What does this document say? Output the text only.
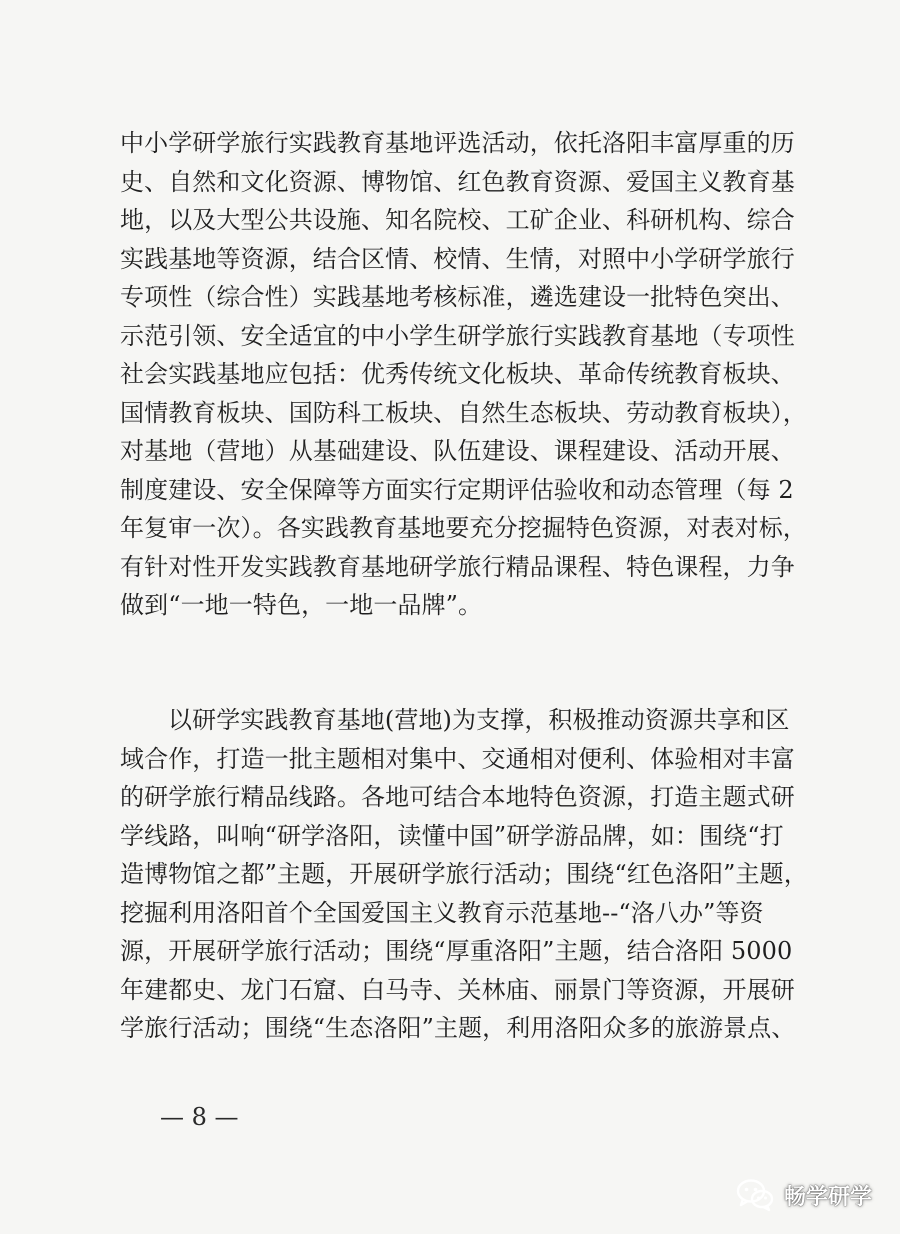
中小学研学旅行实践教育基地评选活动，依托洛阳丰富厚重的历
史、自然和文化资源、博物馆、红色教育资源、爱国主义教育基
地，以及大型公共设施、知名院校、工矿企业、科研机构、综合
实践基地等资源，结合区情、校情、生情，对照中小学研学旅行
专项性（综合性）实践基地考核标准，遴选建设一批特色突出、
示范引领、安全适宜的中小学生研学旅行实践教育基地（专项性
社会实践基地应包括：优秀传统文化板块、革命传统教育板块、
国情教育板块、国防科工板块、自然生态板块、劳动教育板块），
对基地（营地）从基础建设、队伍建设、课程建设、活动开展、
制度建设、安全保障等方面实行定期评估验收和动态管理（每 2
年复审一次）。各实践教育基地要充分挖掘特色资源，对表对标，
有针对性开发实践教育基地研学旅行精品课程、特色课程，力争
做到“一地一特色，一地一品牌”。
以研学实践教育基地(营地)为支撑，积极推动资源共享和区
域合作，打造一批主题相对集中、交通相对便利、体验相对丰富
的研学旅行精品线路。各地可结合本地特色资源，打造主题式研
学线路，叫响“研学洛阳，读懂中国”研学游品牌，如：围绕“打
造博物馆之都”主题，开展研学旅行活动；围绕“红色洛阳”主题，
挖掘利用洛阳首个全国爱国主义教育示范基地--“洛八办”等资
源，开展研学旅行活动；围绕“厚重洛阳”主题，结合洛阳 5000
年建都史、龙门石窟、白马寺、关林庙、丽景门等资源，开展研
学旅行活动；围绕“生态洛阳”主题，利用洛阳众多的旅游景点、
— 8 —
畅学研学
